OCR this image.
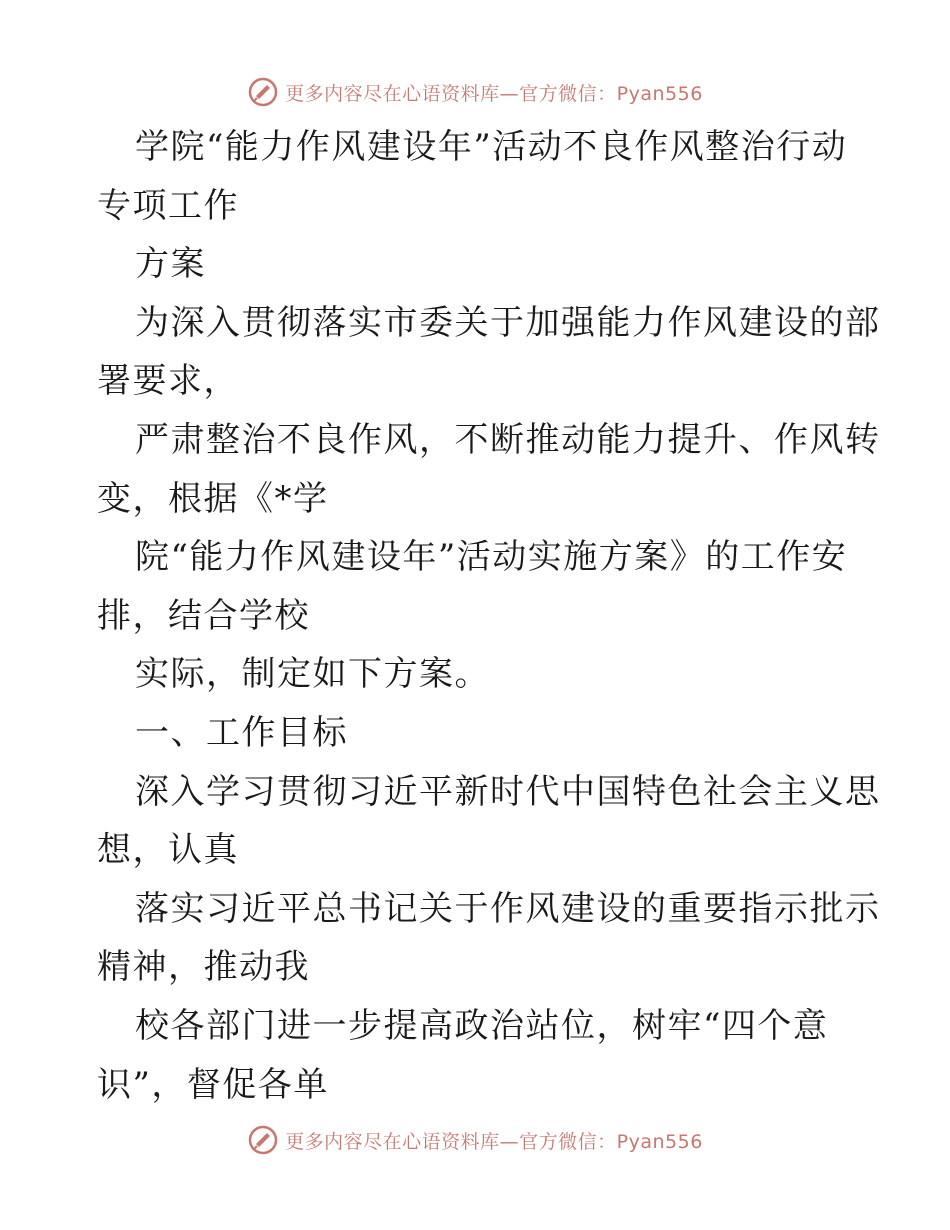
更多内容尽在心语资料库—官方微信：Pyan556
学院“能力作风建设年”活动不良作风整治行动
专项工作
方案
为深入贯彻落实市委关于加强能力作风建设的部
署要求，
严肃整治不良作风，不断推动能力提升、作风转
变，根据《*学
院“能力作风建设年”活动实施方案》的工作安
排，结合学校
实际，制定如下方案。
一、工作目标
深入学习贯彻习近平新时代中国特色社会主义思
想，认真
落实习近平总书记关于作风建设的重要指示批示
精神，推动我
校各部门进一步提高政治站位，树牢“四个意
识”，督促各单
更多内容尽在心语资料库—官方微信：Pyan556
